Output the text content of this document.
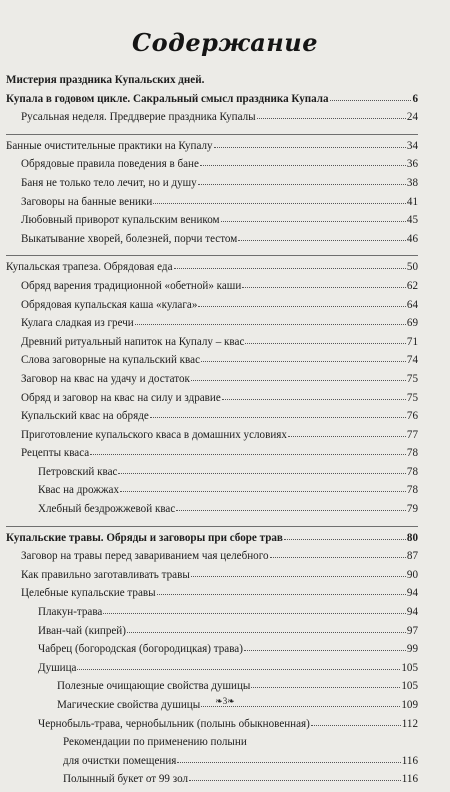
Содержание
Мистерия праздника Купальских дней.
Купала в годовом цикле. Сакральный смысл праздника Купала	6
Русальная неделя. Преддверие праздника Купалы	24
Банные очистительные практики на Купалу	34
Обрядовые правила поведения в бане	36
Баня не только тело лечит, но и душу	38
Заговоры на банные веники	41
Любовный приворот купальским веником	45
Выкатывание хворей, болезней, порчи тестом	46
Купальская трапеза. Обрядовая еда	50
Обряд варения традиционной «обетной» каши	62
Обрядовая купальская каша «кулага»	64
Кулага сладкая из гречи	69
Древний ритуальный напиток на Купалу – квас	71
Слова заговорные на купальский квас	74
Заговор на квас на удачу и достаток	75
Обряд и заговор на квас на силу и здравие	75
Купальский квас на обряде	76
Приготовление купальского кваса в домашних условиях	77
Рецепты кваса	78
Петровский квас	78
Квас на дрожжах	78
Хлебный бездрожжевой квас	79
Купальские травы. Обряды и заговоры при сборе трав	80
Заговор на травы перед завариванием чая целебного	87
Как правильно заготавливать травы	90
Целебные купальские травы	94
Плакун-трава	94
Иван-чай (кипрей)	97
Чабрец (богородская (богородицкая) трава)	99
Душица	105
Полезные очищающие свойства душицы	105
Магические свойства душицы	109
Чернобыль-трава, чернобыльник (полынь обыкновенная)	112
Рекомендации по применению полыни
для очистки помещения	116
Полынный букет от 99 зол	116
❧3❧
